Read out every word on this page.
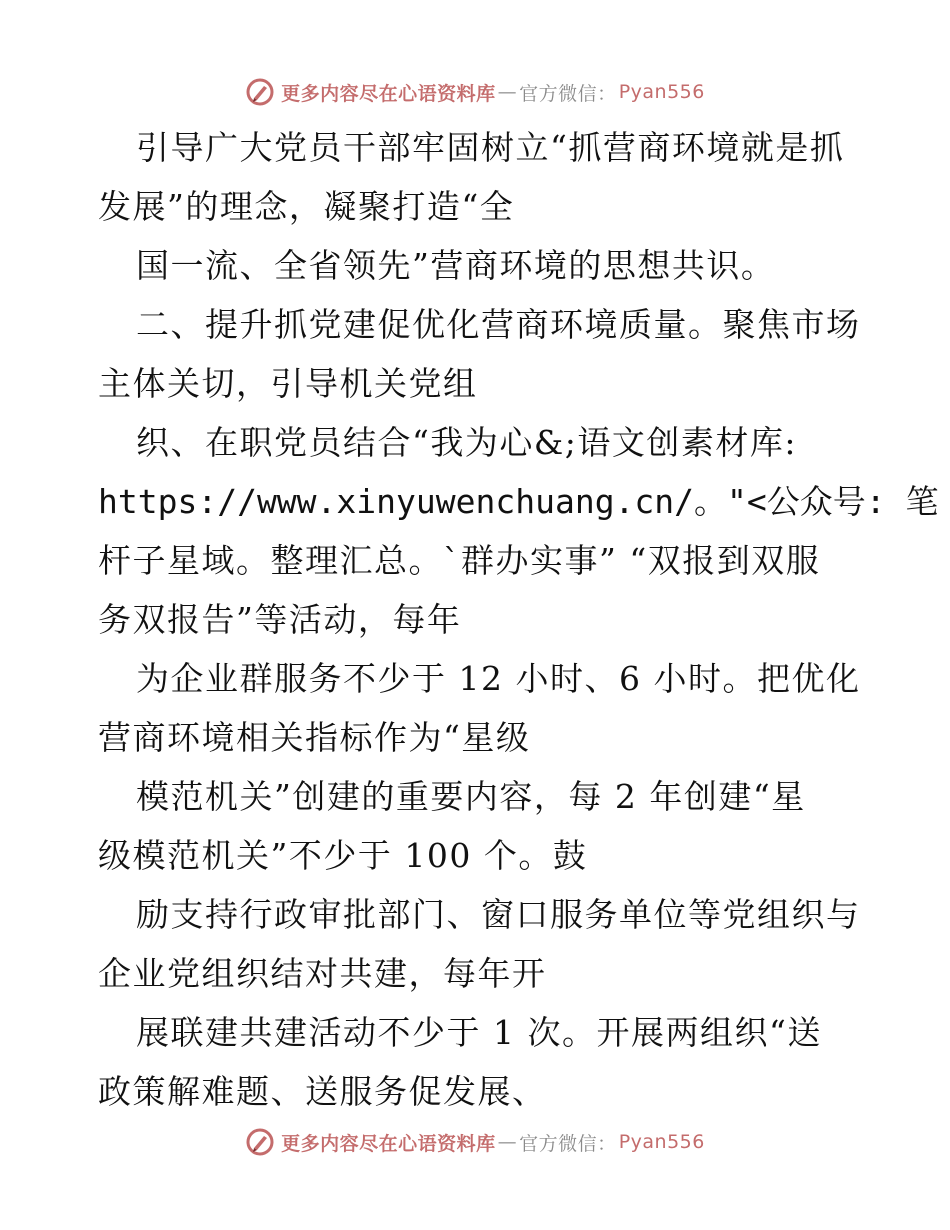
更多内容尽在心语资料库 — 官方微信： Pyan556
引导广大党员干部牢固树立“抓营商环境就是抓
发展”的理念，凝聚打造“全
国一流、全省领先”营商环境的思想共识。
二、提升抓党建促优化营商环境质量。聚焦市场
主体关切，引导机关党组
织、在职党员结合“我为心&;语文创素材库:
https://www.xinyuwenchuang.cn/。"<公众号: 笔
杆子星域。整理汇总。`群办实事” “双报到双服
务双报告”等活动，每年
为企业群服务不少于 12 小时、6 小时。把优化
营商环境相关指标作为“星级
模范机关”创建的重要内容，每 2 年创建“星
级模范机关”不少于 100 个。鼓
励支持行政审批部门、窗口服务单位等党组织与
企业党组织结对共建，每年开
展联建共建活动不少于 1 次。开展两组织“送
政策解难题、送服务促发展、
更多内容尽在心语资料库 — 官方微信： Pyan556
